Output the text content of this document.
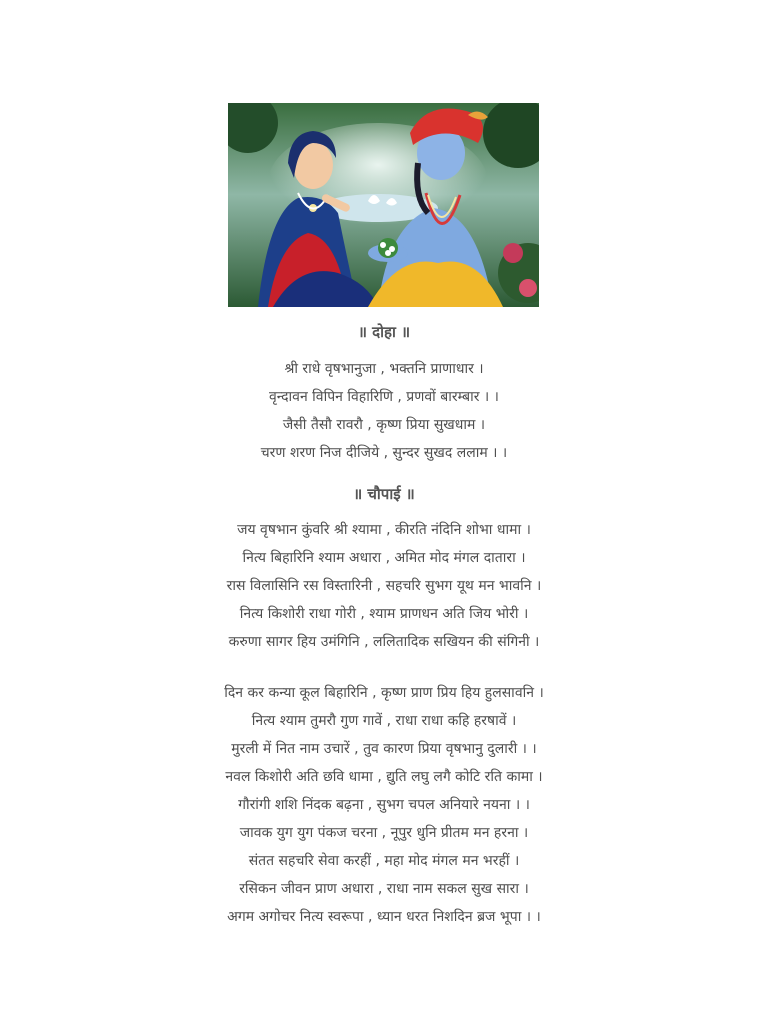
॥ दोहा ॥
श्री राधे वृषभानुजा , भक्तनि प्राणाधार ।
वृन्दावन विपिन विहारिणि , प्रणवों बारम्बार । ।
जैसी तैसौ रावरौ , कृष्ण प्रिया सुखधाम ।
चरण शरण निज दीजिये , सुन्दर सुखद ललाम । ।
॥ चौपाई ॥
जय वृषभान कुंवरि श्री श्यामा , कीरति नंदिनि शोभा धामा ।
नित्य बिहारिनि श्याम अधारा , अमित मोद मंगल दातारा ।
रास विलासिनि रस विस्तारिनी , सहचरि सुभग यूथ मन भावनि ।
नित्य किशोरी राधा गोरी , श्याम प्राणधन अति जिय भोरी ।
करुणा सागर हिय उमंगिनि , ललितादिक सखियन की संगिनी ।
दिन कर कन्या कूल बिहारिनि , कृष्ण प्राण प्रिय हिय हुलसावनि ।
नित्य श्याम तुमरौ गुण गावें , राधा राधा कहि हरषावें ।
मुरली में नित नाम उचारें , तुव कारण प्रिया वृषभानु दुलारी । ।
नवल किशोरी अति छवि धामा , द्युति लघु लगै कोटि रति कामा ।
गौरांगी शशि निंदक बढ़ना , सुभग चपल अनियारे नयना । ।
जावक युग युग पंकज चरना , नूपुर धुनि प्रीतम मन हरना ।
संतत सहचरि सेवा करहीं , महा मोद मंगल मन भरहीं ।
रसिकन जीवन प्राण अधारा , राधा नाम सकल सुख सारा ।
अगम अगोचर नित्य स्वरूपा , ध्यान धरत निशदिन ब्रज भूपा । ।
